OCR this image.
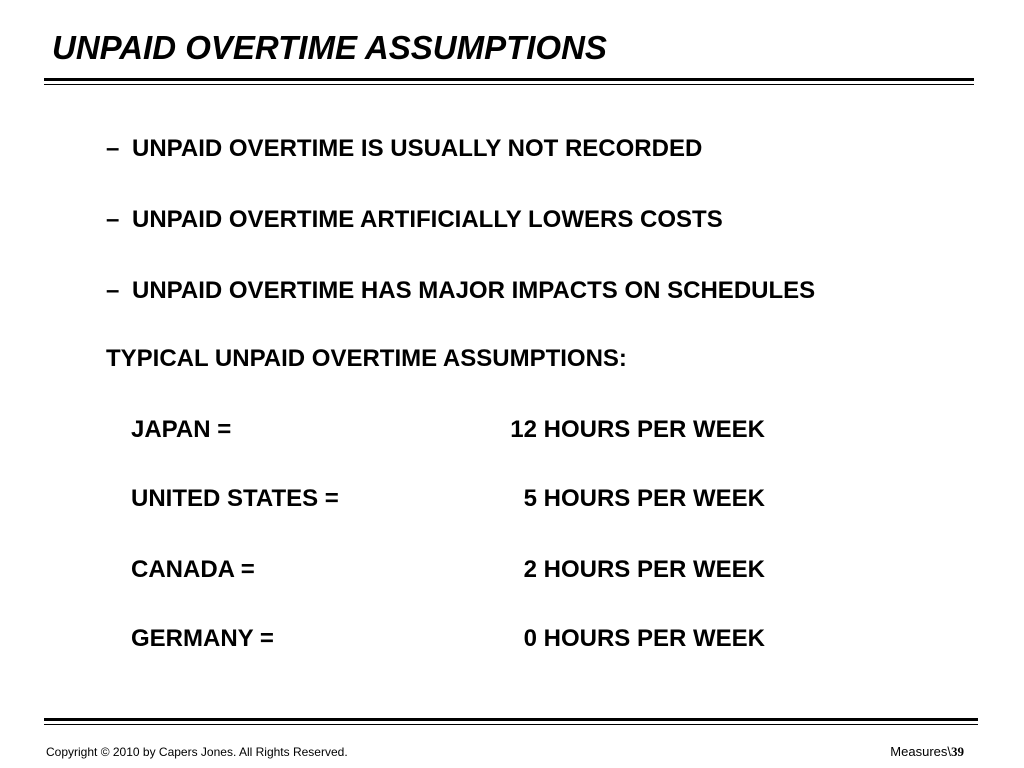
UNPAID OVERTIME ASSUMPTIONS
– UNPAID OVERTIME IS USUALLY NOT RECORDED
– UNPAID OVERTIME ARTIFICIALLY LOWERS COSTS
– UNPAID OVERTIME HAS MAJOR IMPACTS ON SCHEDULES
TYPICAL UNPAID OVERTIME ASSUMPTIONS:
JAPAN =	12 HOURS PER WEEK
UNITED STATES =	5 HOURS PER WEEK
CANADA =	2 HOURS PER WEEK
GERMANY =	0 HOURS PER WEEK
Copyright © 2010 by Capers Jones. All Rights Reserved.	Measures\39
